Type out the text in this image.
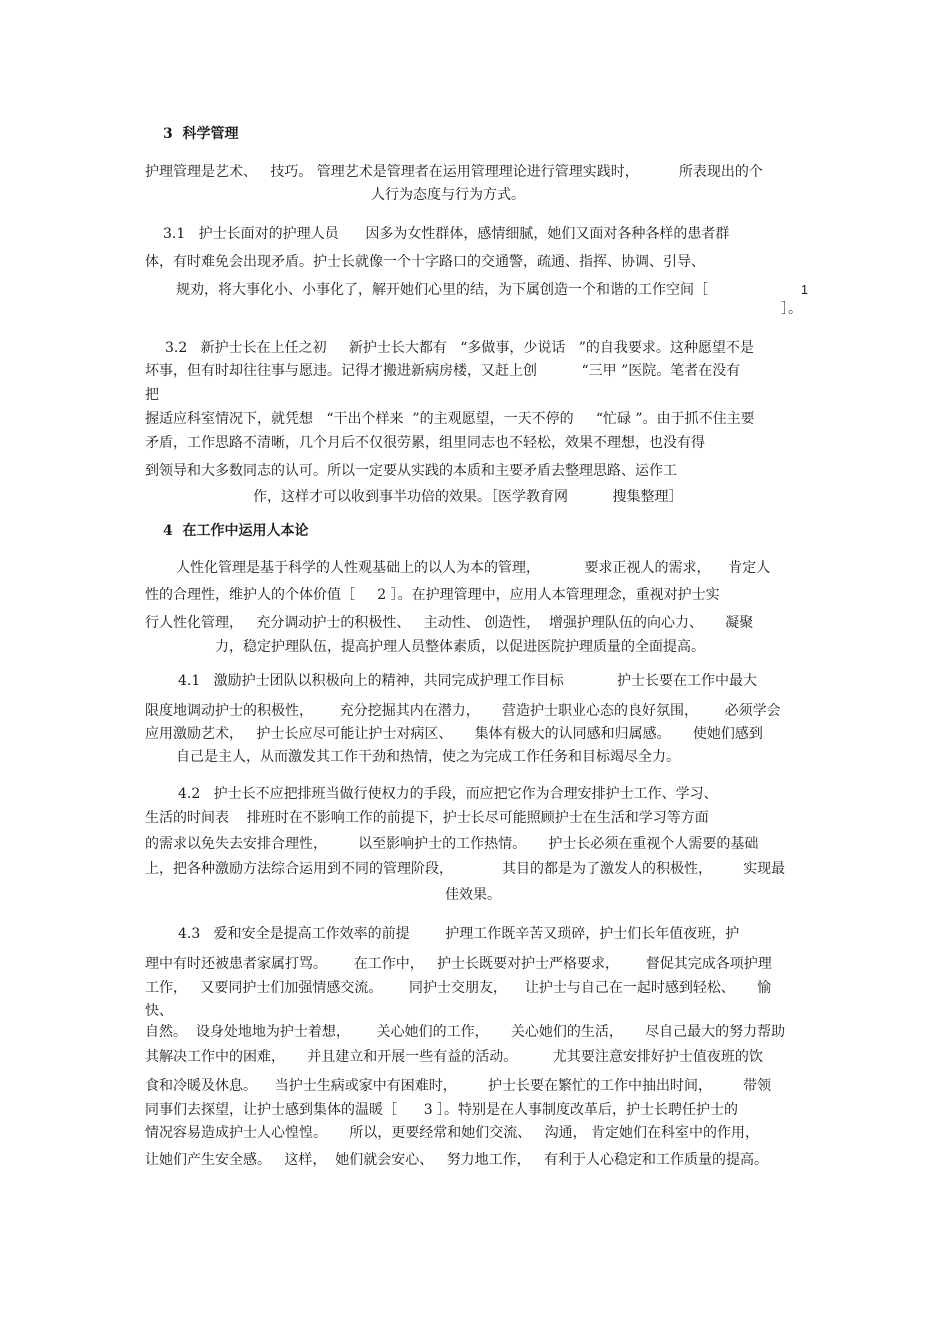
3  科学管理

护理管理是艺术、   技巧。 管理艺术是管理者在运用管理理论进行管理实践时，         所表现出的个

人行为态度与行为方式。

3.1   护士长面对的护理人员      因多为女性群体，感情细腻，她们又面对各种各样的患者群

体，有时难免会出现矛盾。护士长就像一个十字路口的交通警，疏通、指挥、协调、引导、

规劝，将大事化小、小事化了，解开她们心里的结，为下属创造一个和谐的工作空间［	1

］。

3.2   新护士长在上任之初     新护士长大都有   “多做事，少说话   ”的自我要求。这种愿望不是

坏事，但有时却往往事与愿违。记得才搬进新病房楼，又赶上创          “三甲 ”医院。笔者在没有

把

握适应科室情况下，就凭想   “干出个样来  ”的主观愿望，一天不停的     “忙碌 ”。由于抓不住主要

矛盾，工作思路不清晰，几个月后不仅很劳累，组里同志也不轻松，效果不理想，也没有得

到领导和大多数同志的认可。所以一定要从实践的本质和主要矛盾去整理思路、运作工

作，这样才可以收到事半功倍的效果。［医学教育网          搜集整理］

4  在工作中运用人本论

人性化管理是基于科学的人性观基础上的以人为本的管理，          要求正视人的需求，    肯定人

性的合理性，维护人的个体价值［     2 ］。在护理管理中，应用人本管理理念，重视对护士实

行人性化管理，   充分调动护士的积极性、   主动性、 创造性，  增强护理队伍的向心力、     凝聚

力，稳定护理队伍，提高护理人员整体素质，以促进医院护理质量的全面提高。

4.1   激励护士团队以积极向上的精神，共同完成护理工作目标            护士长要在工作中最大

限度地调动护士的积极性，      充分挖掘其内在潜力，     营造护士职业心态的良好氛围，      必须学会

应用激励艺术，   护士长应尽可能让护士对病区、     集体有极大的认同感和归属感。     使她们感到

自己是主人，从而激发其工作干劲和热情，使之为完成工作任务和目标竭尽全力。

4.2   护士长不应把排班当做行使权力的手段，而应把它作为合理安排护士工作、学习、

生活的时间表    排班时在不影响工作的前提下，护士长尽可能照顾护士在生活和学习等方面

的需求以免失去安排合理性，       以至影响护士的工作热情。     护士长必须在重视个人需要的基础

上，把各种激励方法综合运用到不同的管理阶段，           其目的都是为了激发人的积极性，       实现最

佳效果。

4.3   爱和安全是提高工作效率的前提        护理工作既辛苦又琐碎，护士们长年值夜班，护

理中有时还被患者家属打骂。      在工作中，   护士长既要对护士严格要求，      督促其完成各项护理

工作，   又要同护士们加强情感交流。      同护士交朋友，    让护士与自己在一起时感到轻松、     愉

快、

自然。  设身处地地为护士着想，      关心她们的工作，     关心她们的生活，     尽自己最大的努力帮助

其解决工作中的困难，     并且建立和开展一些有益的活动。        尤其要注意安排好护士值夜班的饮

食和冷暖及休息。    当护士生病或家中有困难时，       护士长要在繁忙的工作中抽出时间，       带领

同事们去探望，让护士感到集体的温暖［      3 ］。特别是在人事制度改革后，护士长聘任护士的

情况容易造成护士人心惶惶。     所以，更要经常和她们交流、   沟通， 肯定她们在科室中的作用，

让她们产生安全感。   这样，  她们就会安心、   努力地工作，   有利于人心稳定和工作质量的提高。
